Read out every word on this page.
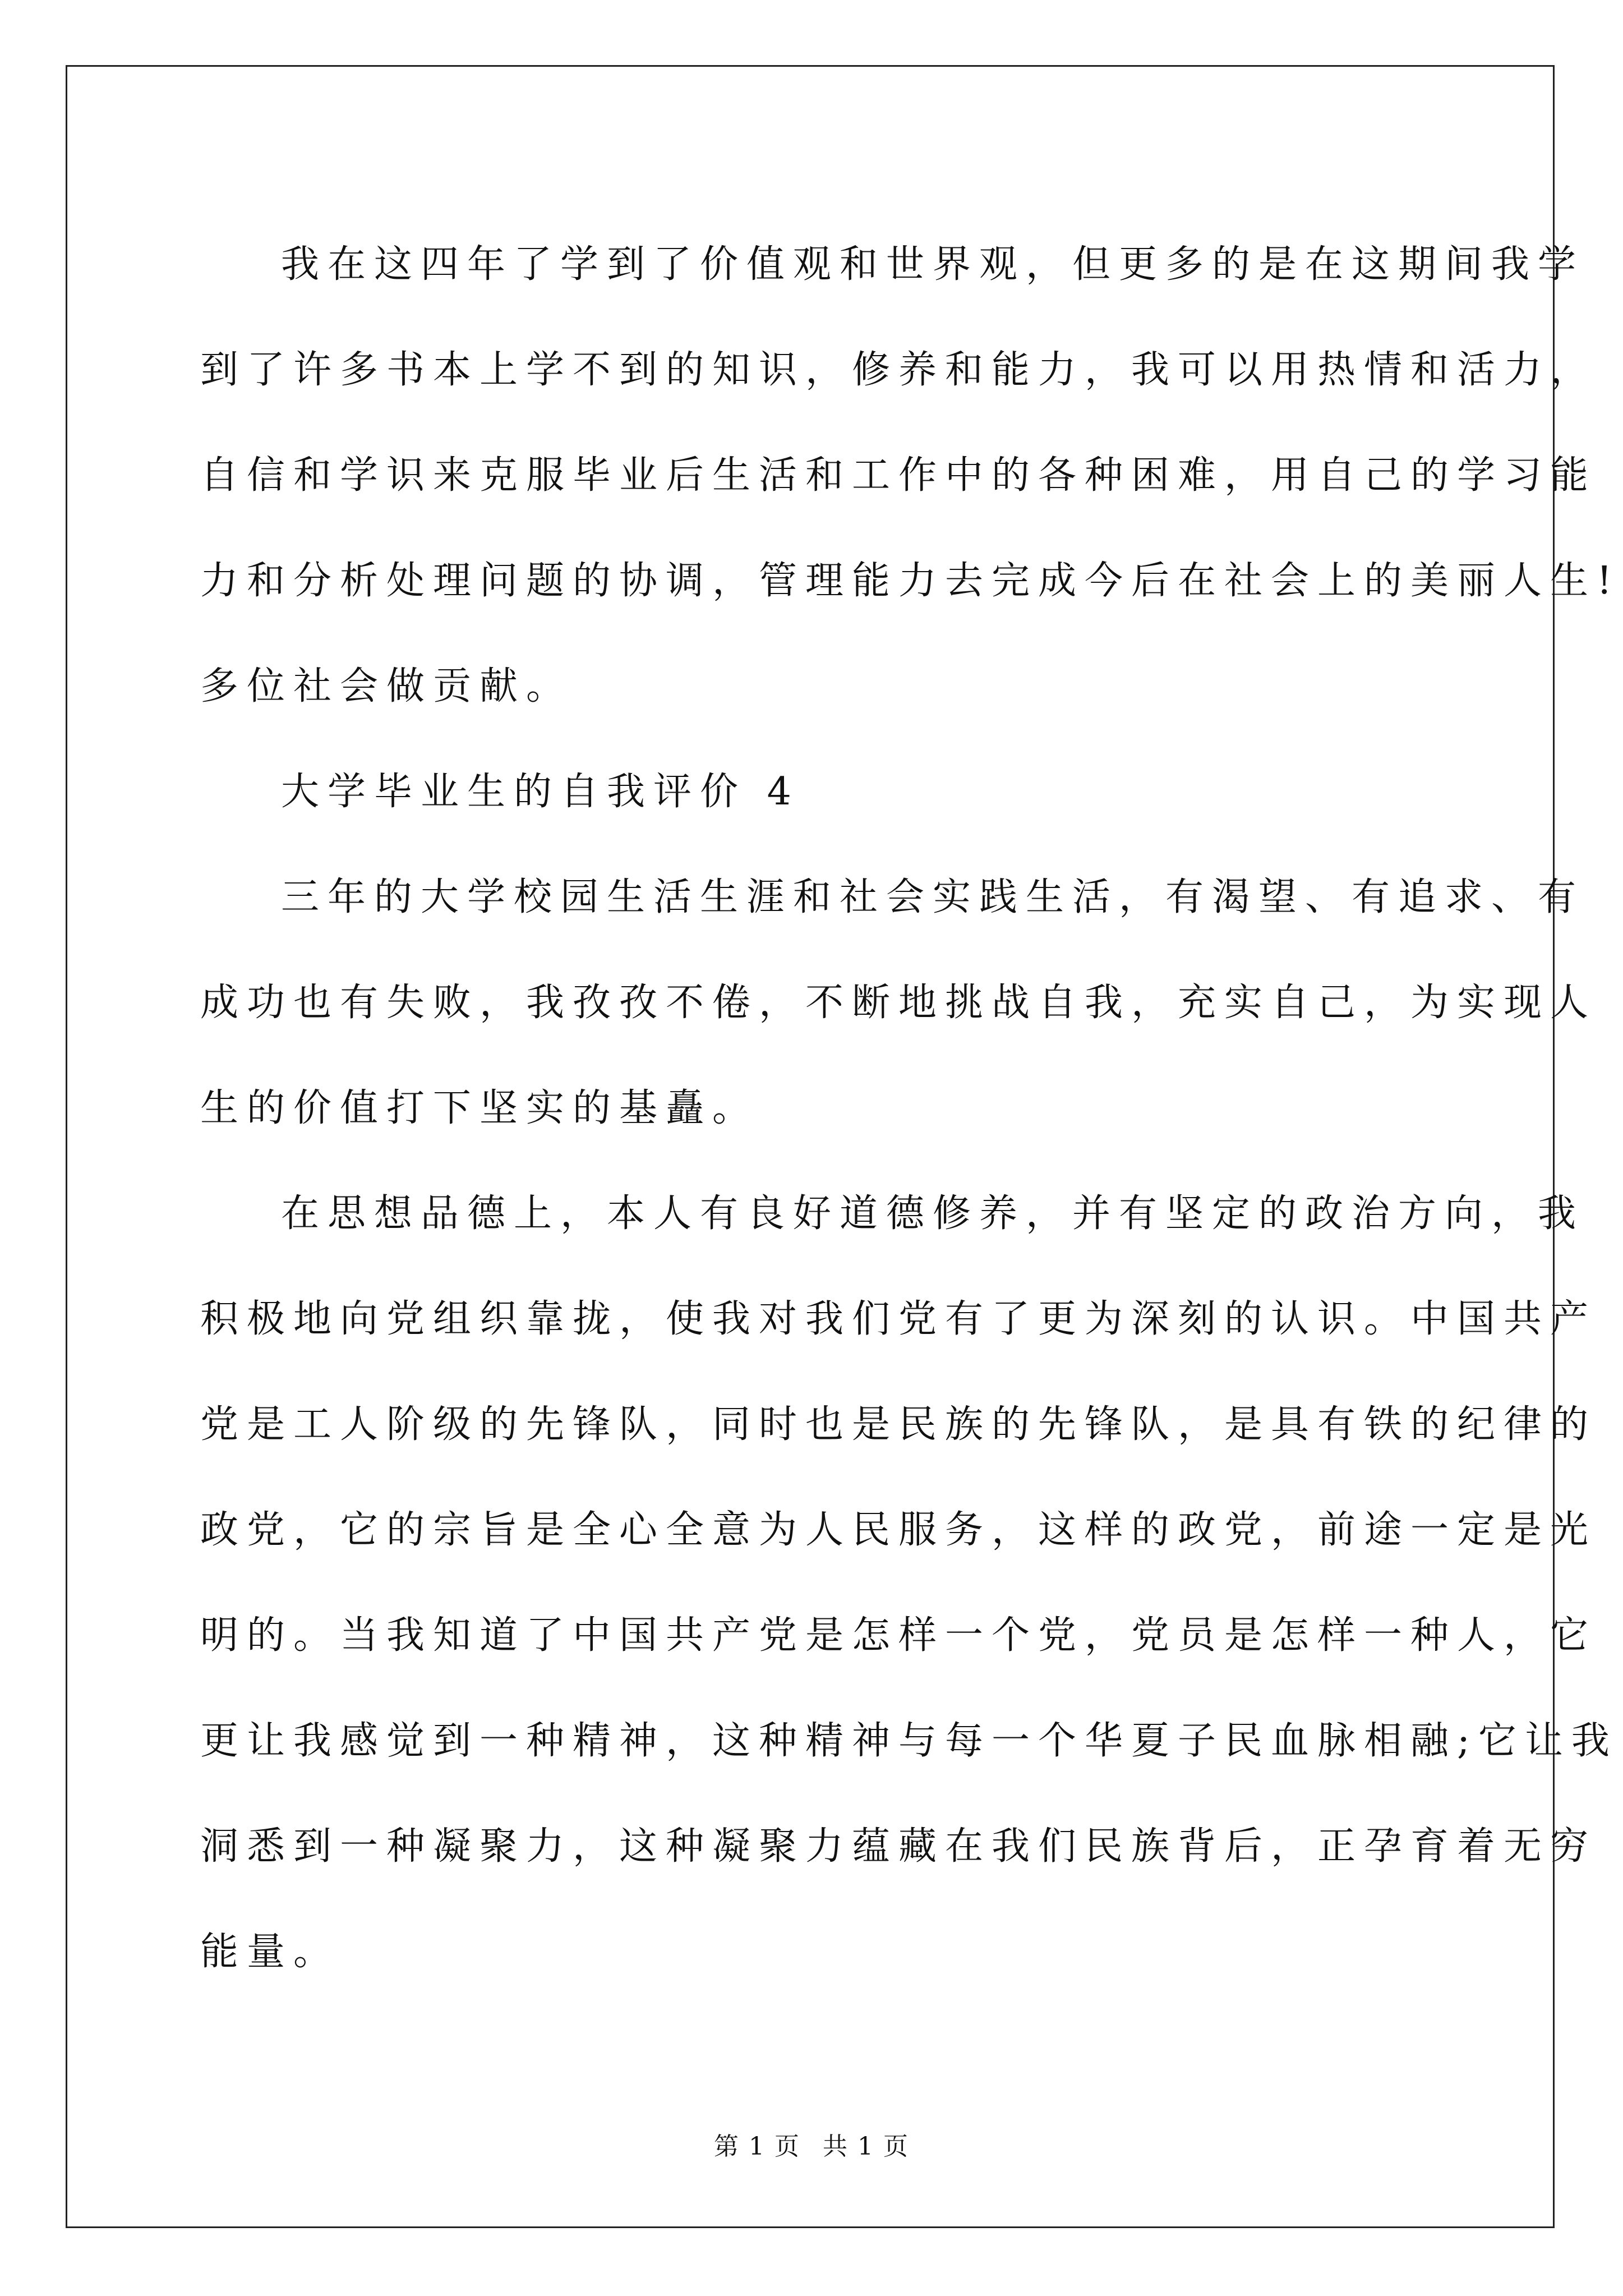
我在这四年了学到了价值观和世界观，但更多的是在这期间我学
到了许多书本上学不到的知识，修养和能力，我可以用热情和活力，
自信和学识来克服毕业后生活和工作中的各种困难，用自己的学习能
力和分析处理问题的协调，管理能力去完成今后在社会上的美丽人生!
多位社会做贡献。
大学毕业生的自我评价 4
三年的大学校园生活生涯和社会实践生活，有渴望、有追求、有
成功也有失败，我孜孜不倦，不断地挑战自我，充实自己，为实现人
生的价值打下坚实的基矗。
在思想品德上，本人有良好道德修养，并有坚定的政治方向，我
积极地向党组织靠拢，使我对我们党有了更为深刻的认识。中国共产
党是工人阶级的先锋队，同时也是民族的先锋队，是具有铁的纪律的
政党，它的宗旨是全心全意为人民服务，这样的政党，前途一定是光
明的。当我知道了中国共产党是怎样一个党，党员是怎样一种人，它
更让我感觉到一种精神，这种精神与每一个华夏子民血脉相融;它让我
洞悉到一种凝聚力，这种凝聚力蕴藏在我们民族背后，正孕育着无穷
能量。
第 1 页 共 1 页
